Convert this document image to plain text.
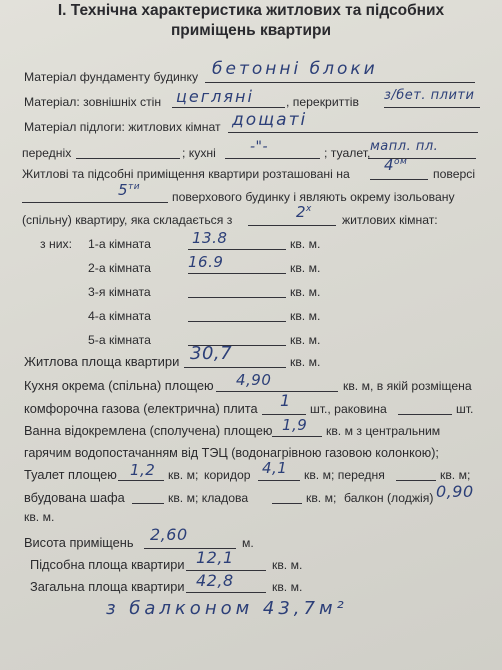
І. Технічна характеристика житлових та підсобних
приміщень квартири
Матеріал фундаменту будинку бетонні блоки
Матеріал: зовнішніх стін цегляні	, перекриттів з/бет. плити
Матеріал підлоги: житлових кімнат дощаті
передніх	; кухні -"-	; туалет, мапл. пл.
Житлові та підсобні приміщення квартири розташовані на $4^{ом}$
поверсі
$5^{ти}$
поверхового будинку і являють окрему ізольовану
(спільну) квартиру, яка складається з	$2^х$
житлових кімнат:
з них: 1-а кімната	13.8	кв. м.
2-а кімната 16.9	кв. м.
3-я кімната	кв. м.
4-а кімната	кв. м.
5-а кімната	кв. м.
Житлова площа квартири 30,7	кв. м.
Кухня окрема (спільна) площею 4,90	кв. м, в якій розміщена
комфорочна газова (електрична) плита 1 шт., раковина	шт.
Ванна відокремлена (сполучена) площею 1,9 кв. м з центральним
гарячим водопостачанням від ТЭЦ (водонагрівною газовою колонкою);
Туалет площею 1,2 кв. м; коридор 4,1 кв. м; передня	кв. м;
вбудована шафа	кв. м; кладова	кв. м; балкон (лоджія) 0,90
кв. м.
Висота приміщень 2,60	м.
Підсобна площа квартири 12,1	кв. м.
Загальна площа квартири 42,8	кв. м.
з балконом 43,7м²
